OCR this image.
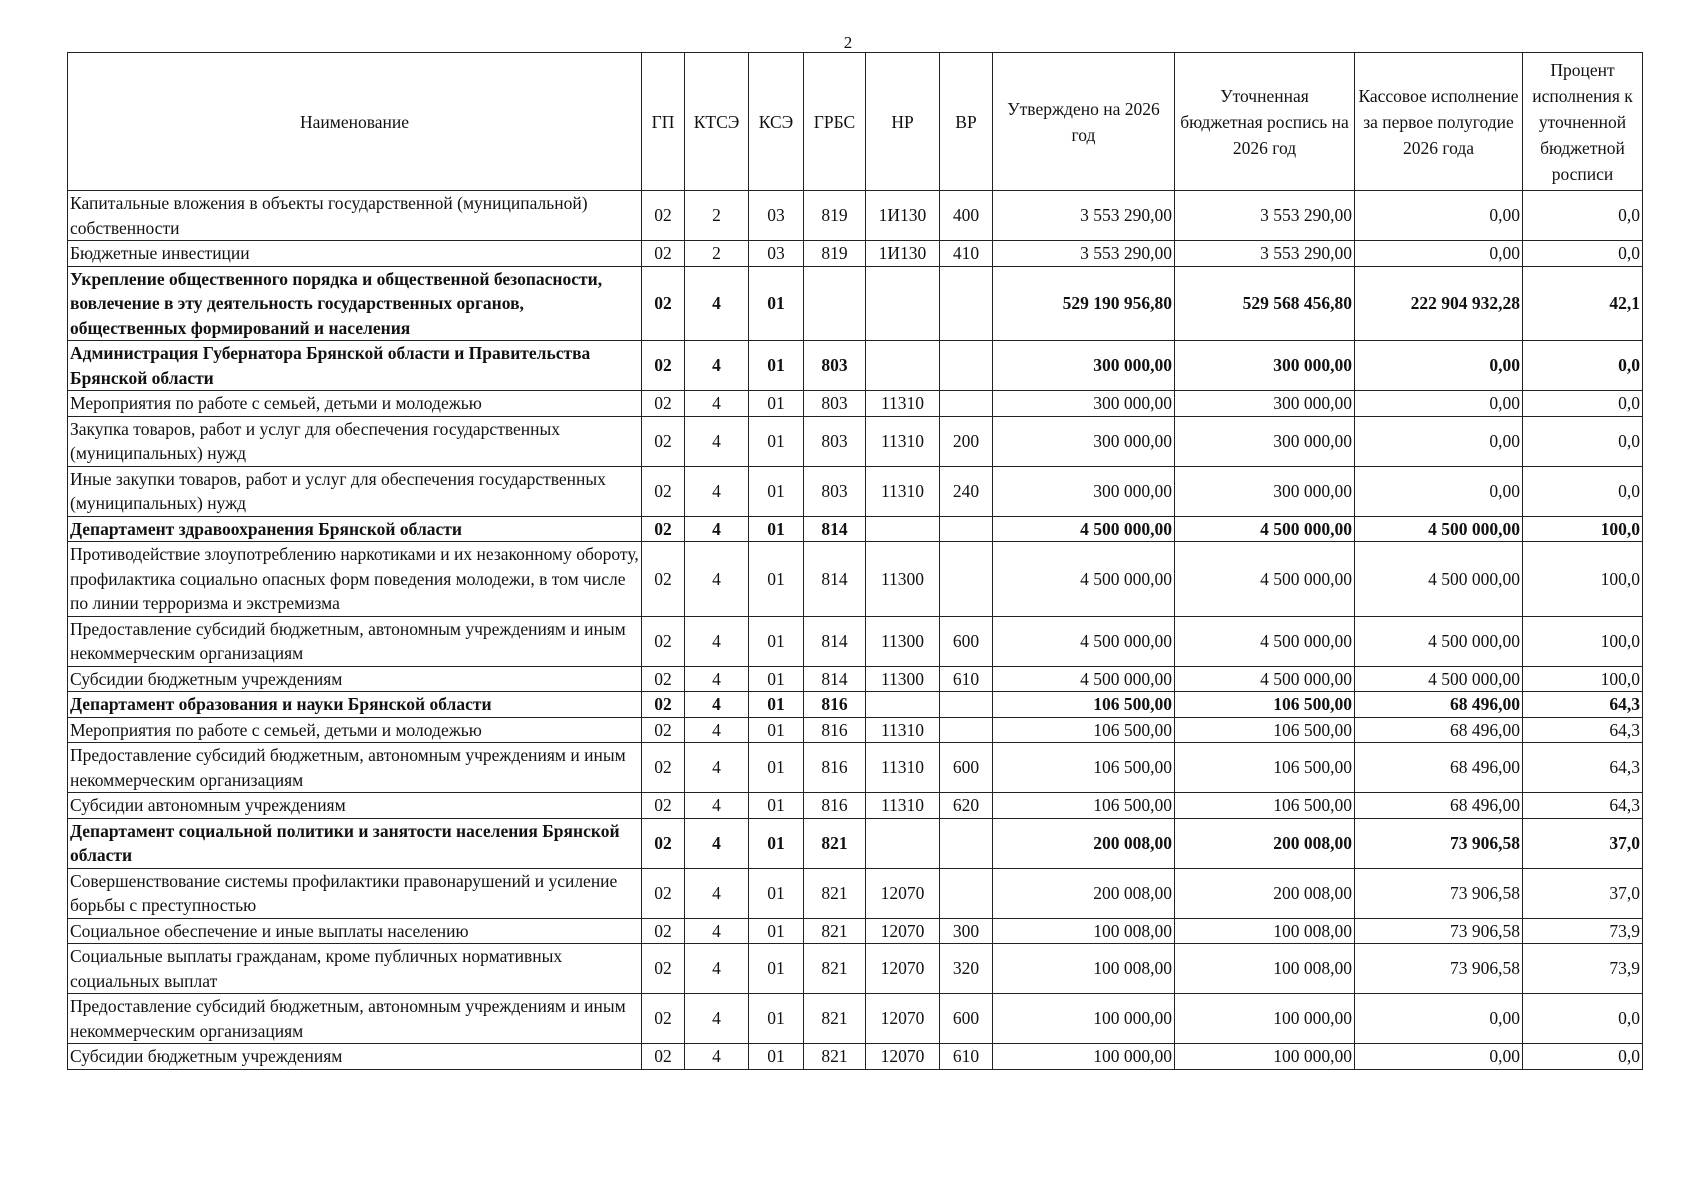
2
Наименование	ГП	КТСЭ	КСЭ	ГРБС	НР	ВР	Утверждено на 2026 год	Уточненная бюджетная роспись на 2026 год	Кассовое исполнение за первое полугодие 2026 года	Процент исполнения к уточненной бюджетной росписи
Капитальные вложения в объекты государственной (муниципальной) собственности	02	2	03	819	1И130	400	3 553 290,00	3 553 290,00	0,00	0,0
Бюджетные инвестиции	02	2	03	819	1И130	410	3 553 290,00	3 553 290,00	0,00	0,0
Укрепление общественного порядка и общественной безопасности, вовлечение в эту деятельность государственных органов, общественных формирований и населения	02	4	01				529 190 956,80	529 568 456,80	222 904 932,28	42,1
Администрация Губернатора Брянской области и Правительства Брянской области	02	4	01	803			300 000,00	300 000,00	0,00	0,0
Мероприятия по работе с семьей, детьми и молодежью	02	4	01	803	11310		300 000,00	300 000,00	0,00	0,0
Закупка товаров, работ и услуг для обеспечения государственных (муниципальных) нужд	02	4	01	803	11310	200	300 000,00	300 000,00	0,00	0,0
Иные закупки товаров, работ и услуг для обеспечения государственных (муниципальных) нужд	02	4	01	803	11310	240	300 000,00	300 000,00	0,00	0,0
Департамент здравоохранения Брянской области	02	4	01	814			4 500 000,00	4 500 000,00	4 500 000,00	100,0
Противодействие злоупотреблению наркотиками и их незаконному обороту, профилактика социально опасных форм поведения молодежи, в том числе по линии терроризма и экстремизма	02	4	01	814	11300		4 500 000,00	4 500 000,00	4 500 000,00	100,0
Предоставление субсидий бюджетным, автономным учреждениям и иным некоммерческим организациям	02	4	01	814	11300	600	4 500 000,00	4 500 000,00	4 500 000,00	100,0
Субсидии бюджетным учреждениям	02	4	01	814	11300	610	4 500 000,00	4 500 000,00	4 500 000,00	100,0
Департамент образования и науки Брянской области	02	4	01	816			106 500,00	106 500,00	68 496,00	64,3
Мероприятия по работе с семьей, детьми и молодежью	02	4	01	816	11310		106 500,00	106 500,00	68 496,00	64,3
Предоставление субсидий бюджетным, автономным учреждениям и иным некоммерческим организациям	02	4	01	816	11310	600	106 500,00	106 500,00	68 496,00	64,3
Субсидии автономным учреждениям	02	4	01	816	11310	620	106 500,00	106 500,00	68 496,00	64,3
Департамент социальной политики и занятости населения Брянской области	02	4	01	821			200 008,00	200 008,00	73 906,58	37,0
Совершенствование системы профилактики правонарушений и усиление борьбы с преступностью	02	4	01	821	12070		200 008,00	200 008,00	73 906,58	37,0
Социальное обеспечение и иные выплаты населению	02	4	01	821	12070	300	100 008,00	100 008,00	73 906,58	73,9
Социальные выплаты гражданам, кроме публичных нормативных социальных выплат	02	4	01	821	12070	320	100 008,00	100 008,00	73 906,58	73,9
Предоставление субсидий бюджетным, автономным учреждениям и иным некоммерческим организациям	02	4	01	821	12070	600	100 000,00	100 000,00	0,00	0,0
Субсидии бюджетным учреждениям	02	4	01	821	12070	610	100 000,00	100 000,00	0,00	0,0
